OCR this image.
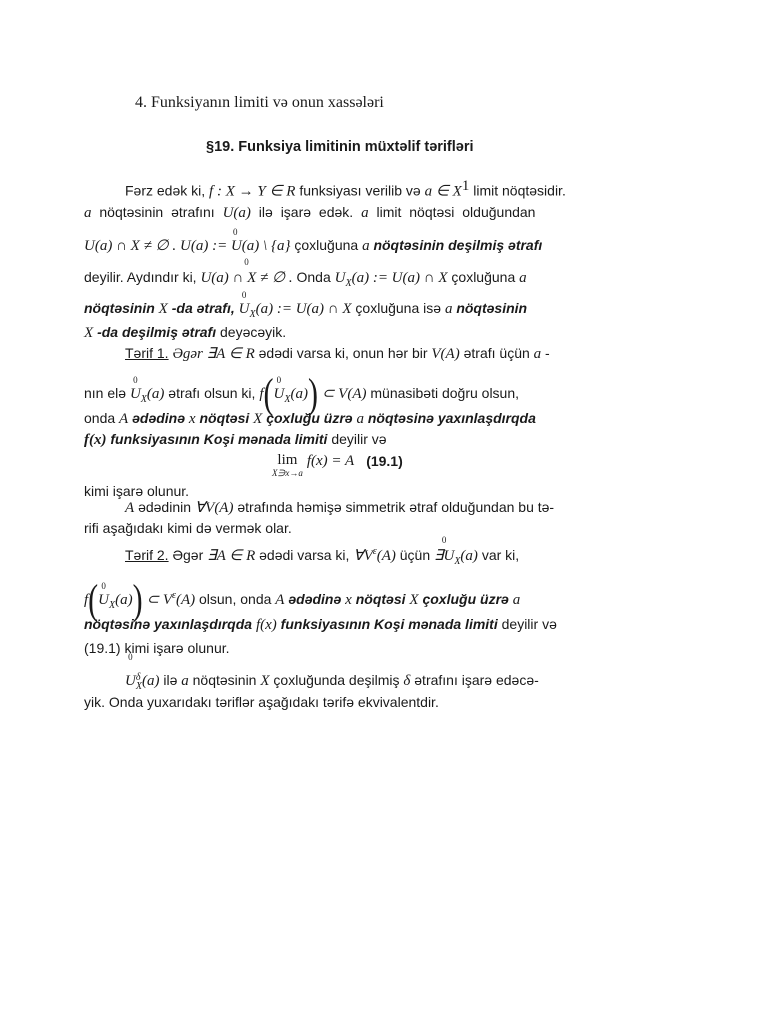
4. Funksiyanın limiti və onun xassələri
§19. Funksiya limitinin müxtəlif tərifləri
Fərz edək ki, f : X → Y ∈ R funksiyası verilib və a ∈ $X^1$ limit nöqtəsidir.
a nöqtəsinin ətrafını U(a) ilə işarə edək. a limit nöqtəsi olduğundan
U(a) ∩ X ≠ ∅ . 0 U(a) := U(a) \ {a} çoxluğuna a nöqtəsinin deşilmiş ətrafı
deyilir. Aydındır ki, 0 U(a) ∩ X ≠ ∅ . Onda $U_X(a)$ := U(a) ∩ X çoxluğuna a
nöqtəsinin X -da ətrafı, 0 $U_X(a)$ := U(a) ∩ X çoxluğuna isə a nöqtəsinin
X -da deşilmiş ətrafı deyəcəyik.
Tərif 1. Əgər ∃A ∈ R ədədi varsa ki, onun hər bir V(A) ətrafı üçün a -
nın elə 0 $U_X(a)$ ətrafı olsun ki, f(0 $U_X(a)$) ⊂ V(A) münasibəti doğru olsun,
onda A ədədinə x nöqtəsi X çoxluğu üzrə a nöqtəsinə yaxınlaşdırqda
f(x) funksiyasının Koşi mənada limiti deyilir və
lim
X∋x→a
f(x) = A (19.1)
kimi işarə olunur.
A ədədinin ∀V(A) ətrafında həmişə simmetrik ətraf olduğundan bu tə-
rifi aşağıdakı kimi də vermək olar.
Tərif 2. Əgər ∃A ∈ R ədədi varsa ki, $\forall V^\varepsilon(A)$ üçün 0 $\exists U_X(a)$ var ki,
f(0 $U_X(a)$) ⊂ $V^\varepsilon(A)$ olsun, onda A ədədinə x nöqtəsi X çoxluğu üzrə a
nöqtəsinə yaxınlaşdırqda f(x) funksiyasının Koşi mənada limiti deyilir və
(19.1) kimi işarə olunur.
0 U δ
X (a) ilə a nöqtəsinin X çoxluğunda deşilmiş δ ətrafını işarə edəcə-
yik. Onda yuxarıdakı təriflər aşağıdakı tərifə ekvivalentdir.
